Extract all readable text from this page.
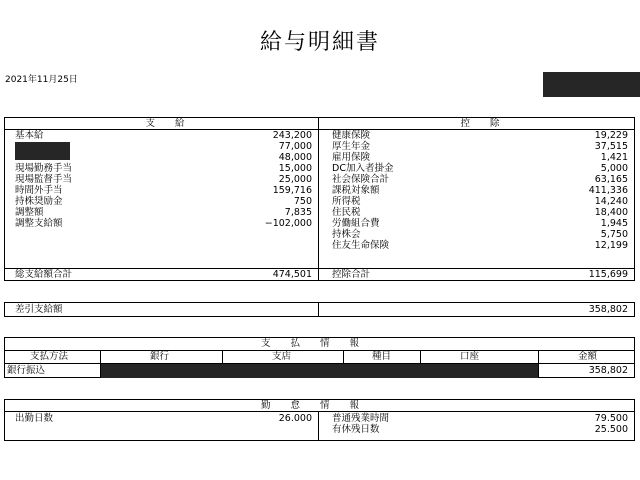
給与明細書
2021年11月25日
支給	控除
基本給	243,200
77,000
48,000
現場勤務手当	15,000
現場監督手当	25,000
時間外手当	159,716
持株奨励金	750
調整額	7,835
調整支給額	−102,000
健康保険	19,229
厚生年金	37,515
雇用保険	1,421
DC加入者掛金	5,000
社会保険合計	63,165
課税対象額	411,336
所得税	14,240
住民税	18,400
労働組合費	1,945
持株会	5,750
住友生命保険	12,199
総支給額合計	474,501 控除合計	115,699
差引支給額	358,802
支払情報
支払方法	銀行	支店	種目	口座	金額
銀行振込	358,802
勤怠情報
出勤日数	26.000 普通残業時間	79.500
有休残日数	25.500
